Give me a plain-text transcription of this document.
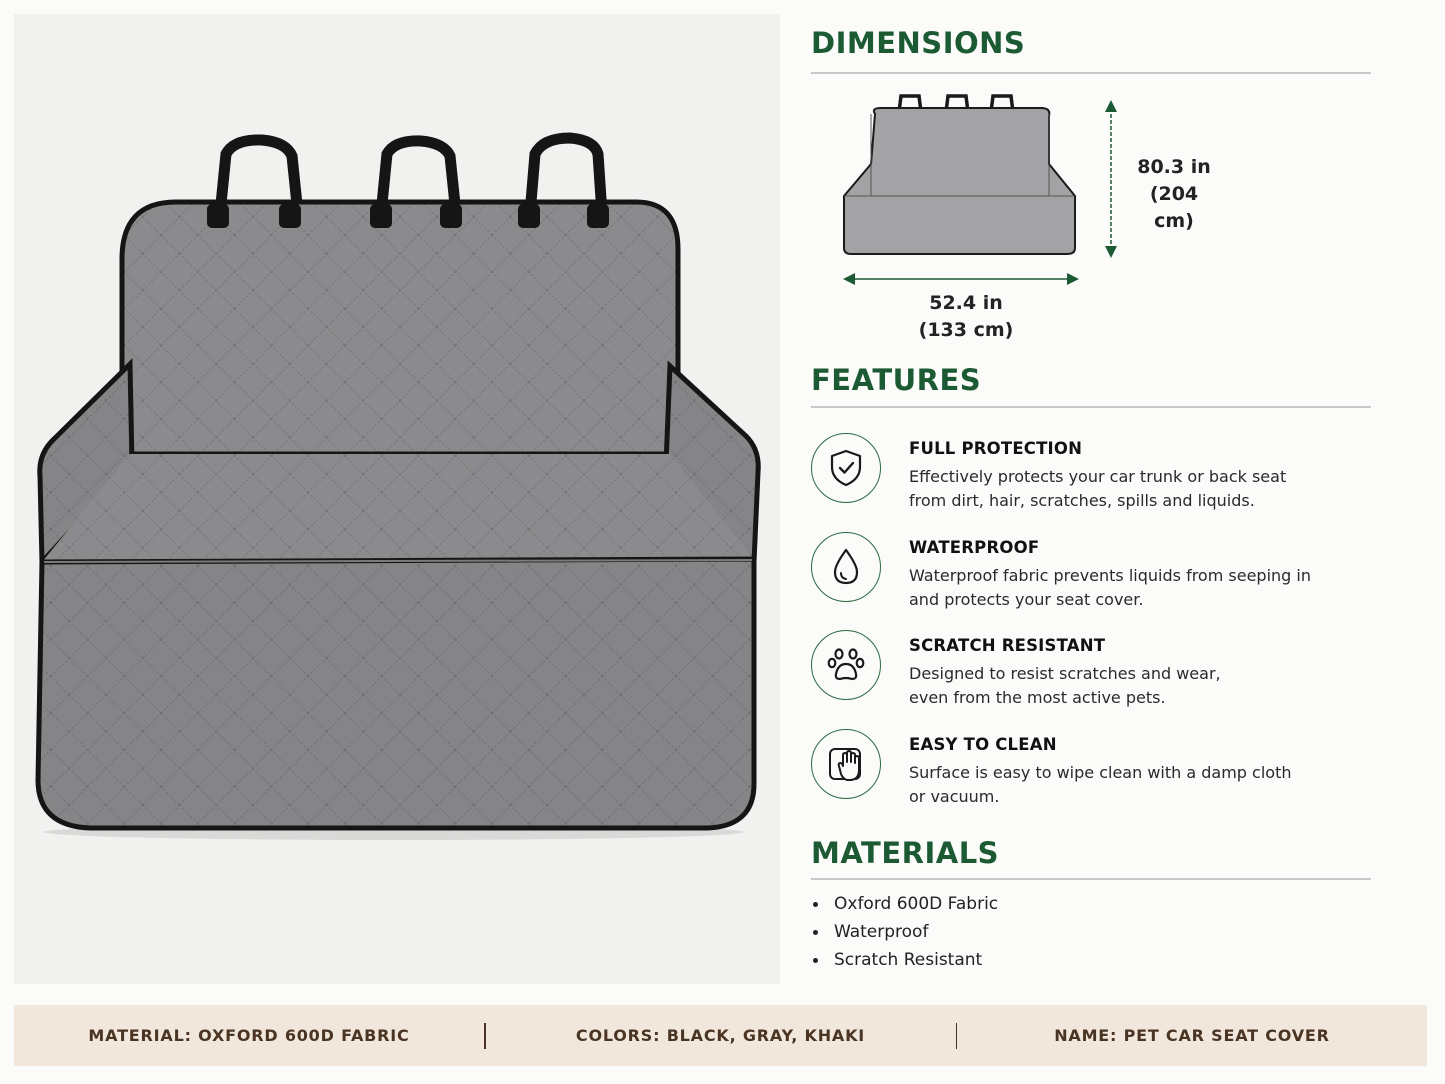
DIMENSIONS
80.3 in
(204 cm)
52.4 in
(133 cm)
FEATURES
FULL PROTECTION
Effectively protects your car trunk or back seat
from dirt, hair, scratches, spills and liquids.
WATERPROOF
Waterproof fabric prevents liquids from seeping in
and protects your seat cover.
SCRATCH RESISTANT
Designed to resist scratches and wear,
even from the most active pets.
EASY TO CLEAN
Surface is easy to wipe clean with a damp cloth
or vacuum.
MATERIALS
Oxford 600D Fabric
Waterproof
Scratch Resistant
MATERIAL: OXFORD 600D FABRIC	COLORS: BLACK, GRAY, KHAKI	NAME: PET CAR SEAT COVER
